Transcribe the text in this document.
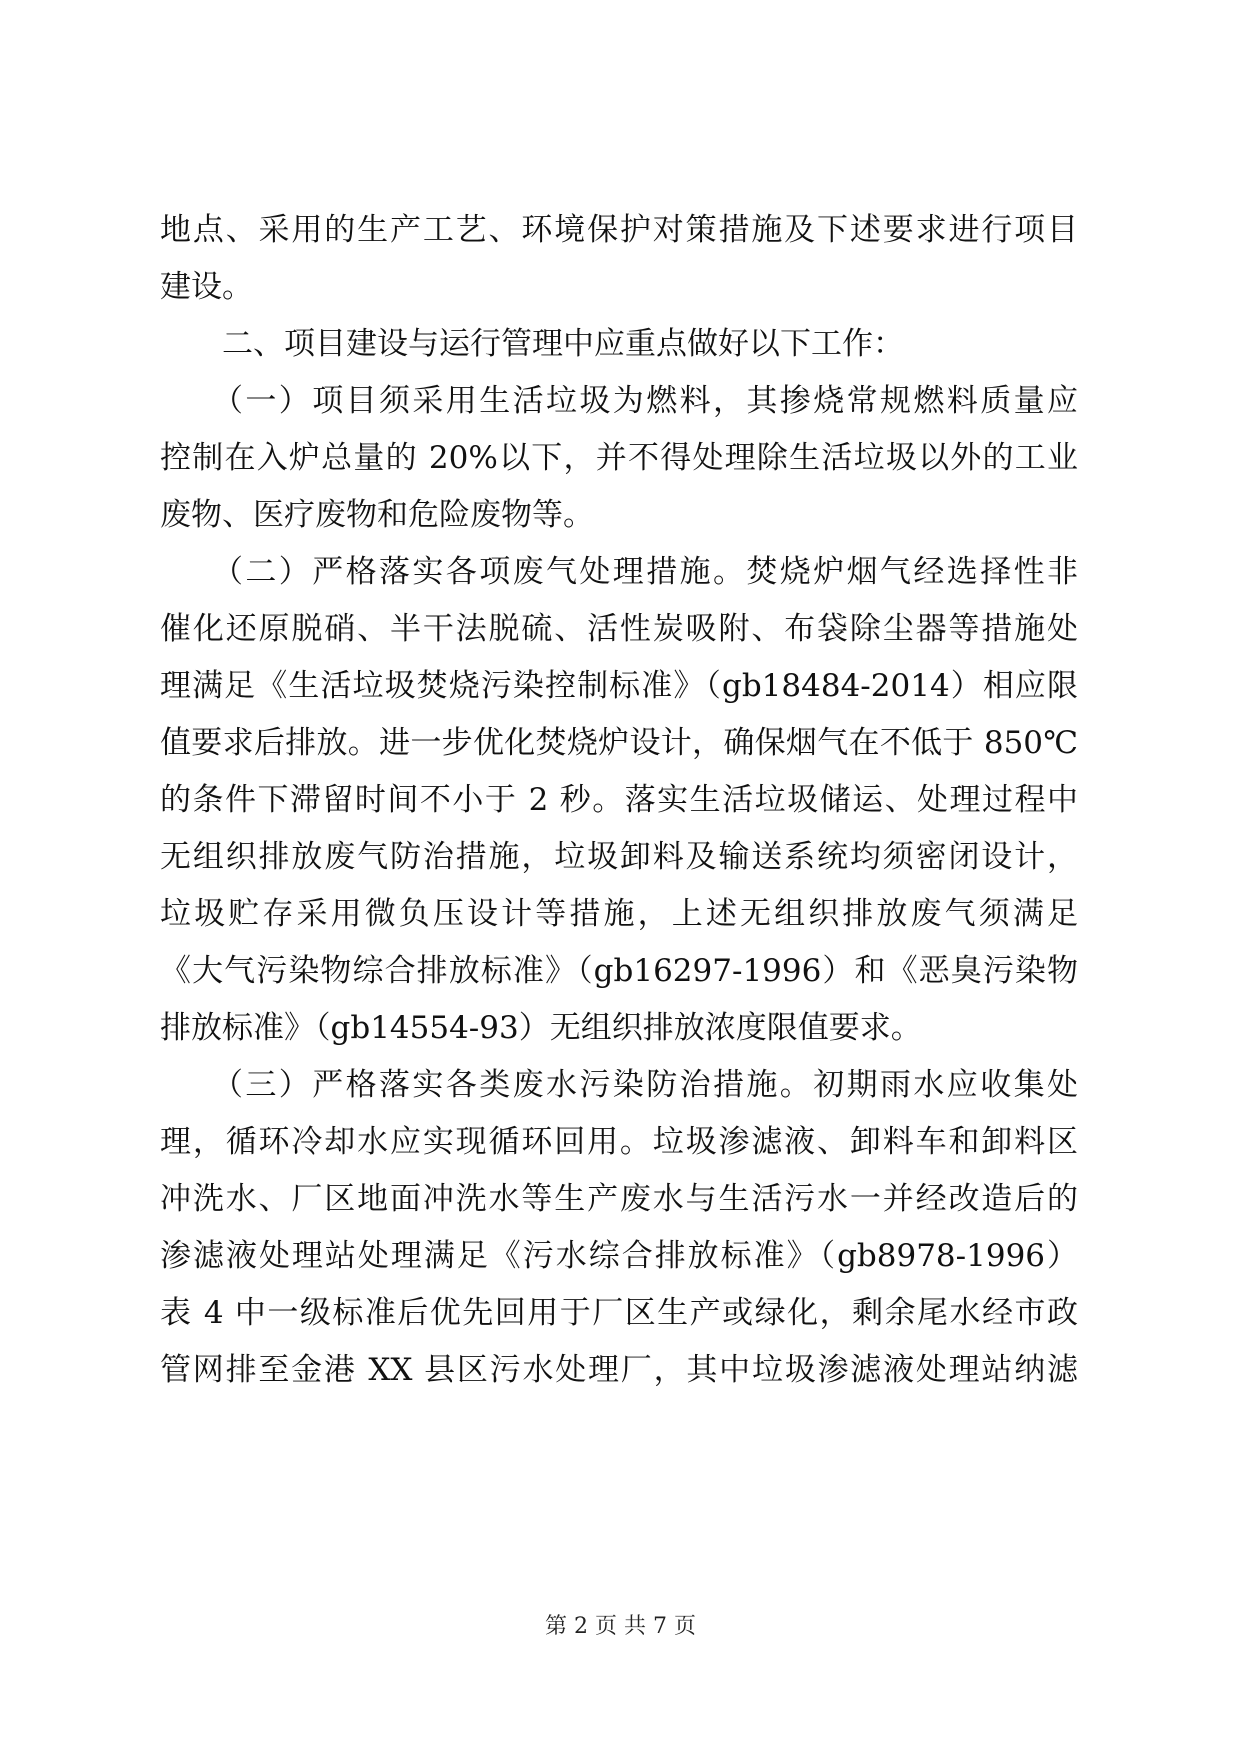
地点、采用的生产工艺、环境保护对策措施及下述要求进行项目
建设。
二、项目建设与运行管理中应重点做好以下工作：
（一）项目须采用生活垃圾为燃料，其掺烧常规燃料质量应
控制在入炉总量的 20%以下，并不得处理除生活垃圾以外的工业
废物、医疗废物和危险废物等。
（二）严格落实各项废气处理措施。焚烧炉烟气经选择性非
催化还原脱硝、半干法脱硫、活性炭吸附、布袋除尘器等措施处
理满足《生活垃圾焚烧污染控制标准》（gb18484-2014）相应限
值要求后排放。进一步优化焚烧炉设计，确保烟气在不低于 850℃
的条件下滞留时间不小于 2 秒。落实生活垃圾储运、处理过程中
无组织排放废气防治措施，垃圾卸料及输送系统均须密闭设计，
垃圾贮存采用微负压设计等措施，上述无组织排放废气须满足
《大气污染物综合排放标准》（gb16297-1996）和《恶臭污染物
排放标准》（gb14554-93）无组织排放浓度限值要求。
（三）严格落实各类废水污染防治措施。初期雨水应收集处
理，循环冷却水应实现循环回用。垃圾渗滤液、卸料车和卸料区
冲洗水、厂区地面冲洗水等生产废水与生活污水一并经改造后的
渗滤液处理站处理满足《污水综合排放标准》（gb8978-1996）
表 4 中一级标准后优先回用于厂区生产或绿化，剩余尾水经市政
管网排至金港 XX 县区污水处理厂，其中垃圾渗滤液处理站纳滤
第 2 页 共 7 页
